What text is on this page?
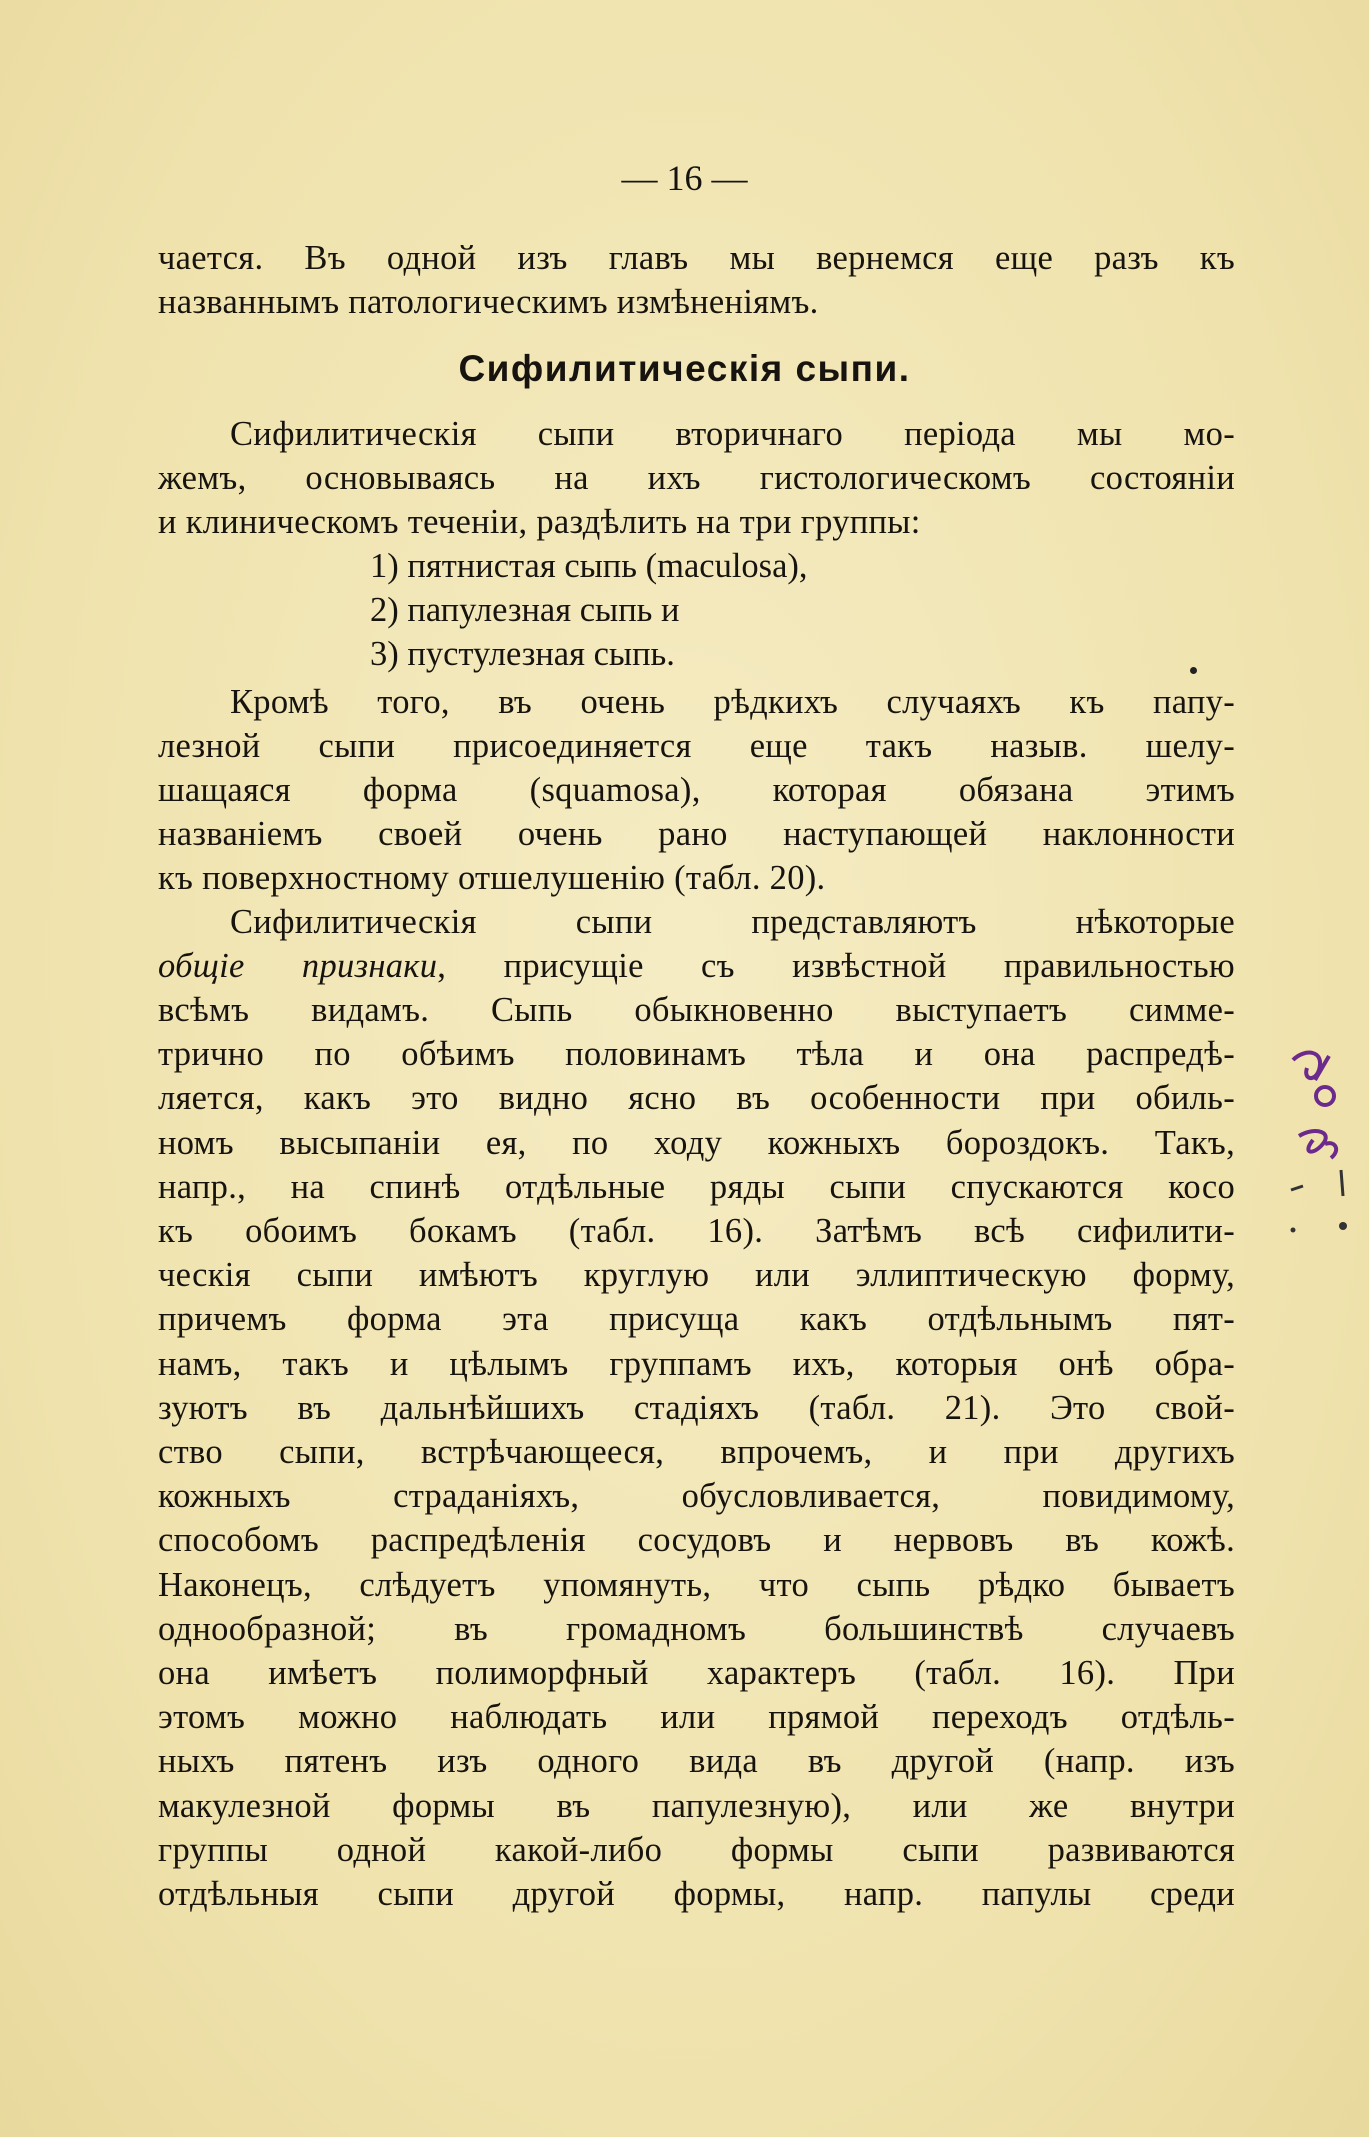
— 16 —
чается. Въ одной изъ главъ мы вернемся еще разъ къ
названнымъ патологическимъ измѣненіямъ.
Сифилитическія сыпи.
Сифилитическія сыпи вторичнаго періода мы мо-
жемъ, основываясь на ихъ гистологическомъ состояніи
и клиническомъ теченіи, раздѣлить на три группы:
1) пятнистая сыпь (maculosa),
2) папулезная сыпь и
3) пустулезная сыпь.
Кромѣ того, въ очень рѣдкихъ случаяхъ къ папу-
лезной сыпи присоединяется еще такъ назыв. шелу-
шащаяся форма (squamosa), которая обязана этимъ
названіемъ своей очень рано наступающей наклонности
къ поверхностному отшелушенію (табл. 20).
Сифилитическія сыпи представляютъ нѣкоторые
общіе признаки, присущіе съ извѣстной правильностью
всѣмъ видамъ. Сыпь обыкновенно выступаетъ симме-
трично по обѣимъ половинамъ тѣла и она распредѣ-
ляется, какъ это видно ясно въ особенности при обиль-
номъ высыпаніи ея, по ходу кожныхъ бороздокъ. Такъ,
напр., на спинѣ отдѣльные ряды сыпи спускаются косо
къ обоимъ бокамъ (табл. 16). Затѣмъ всѣ сифилити-
ческія сыпи имѣютъ круглую или эллиптическую форму,
причемъ форма эта присуща какъ отдѣльнымъ пят-
намъ, такъ и цѣлымъ группамъ ихъ, которыя онѣ обра-
зуютъ въ дальнѣйшихъ стадіяхъ (табл. 21). Это свой-
ство сыпи, встрѣчающееся, впрочемъ, и при другихъ
кожныхъ страданіяхъ, обусловливается, повидимому,
способомъ распредѣленія сосудовъ и нервовъ въ кожѣ.
Наконецъ, слѣдуетъ упомянуть, что сыпь рѣдко бываетъ
однообразной; въ громадномъ большинствѣ случаевъ
она имѣетъ полиморфный характеръ (табл. 16). При
этомъ можно наблюдать или прямой переходъ отдѣль-
ныхъ пятенъ изъ одного вида въ другой (напр. изъ
макулезной формы въ папулезную), или же внутри
группы одной какой-либо формы сыпи развиваются
отдѣльныя сыпи другой формы, напр. папулы среди
